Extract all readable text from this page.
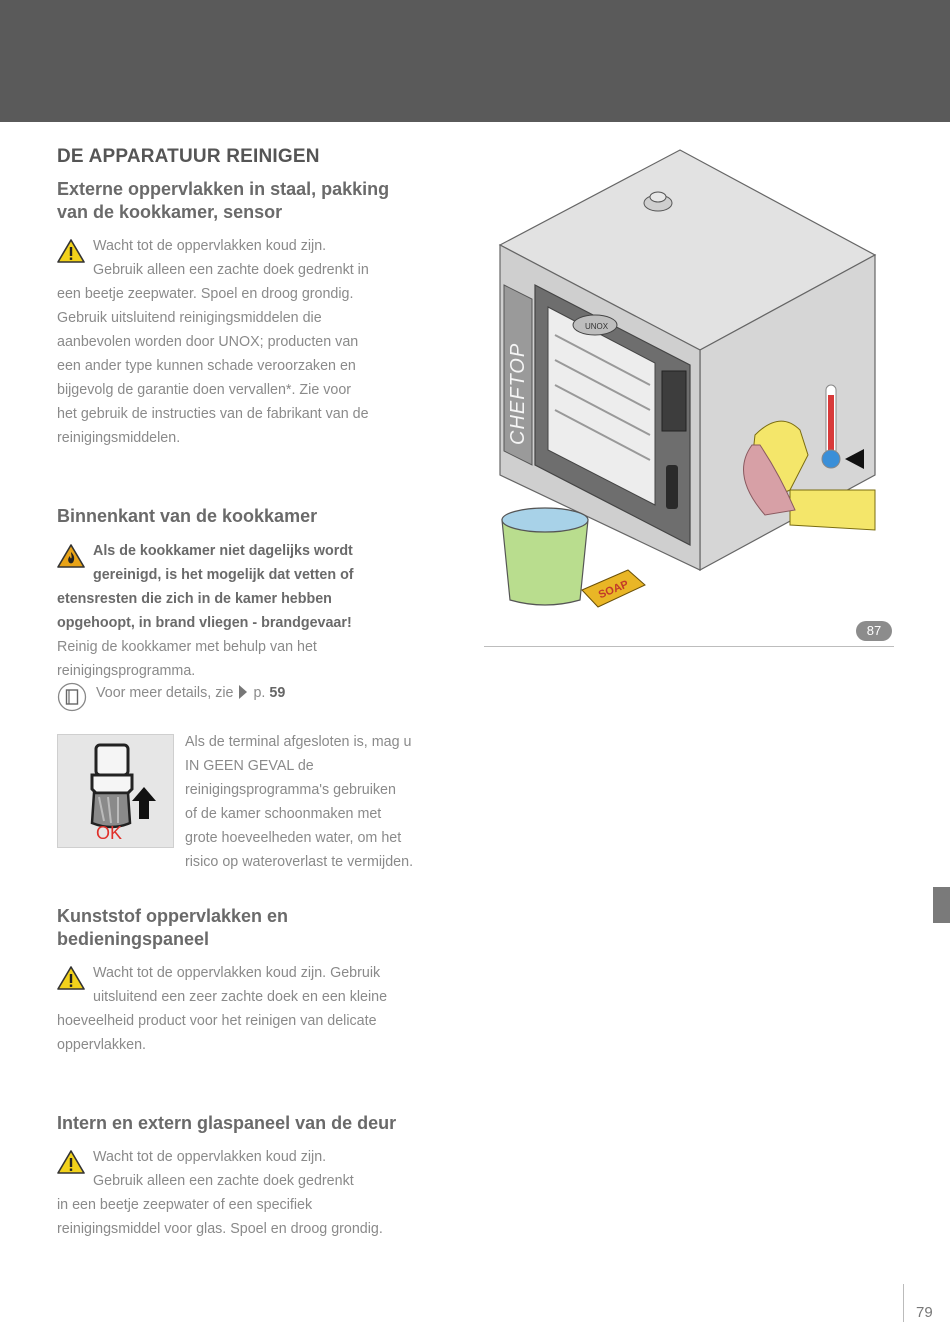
DE APPARATUUR REINIGEN
Externe oppervlakken in staal, pakking
van de kookkamer, sensor

Wacht tot de oppervlakken koud zijn.
Gebruik alleen een zachte doek gedrenkt in
een beetje zeepwater. Spoel en droog grondig.
Gebruik uitsluitend reinigingsmiddelen die
aanbevolen worden door UNOX; producten van
een ander type kunnen schade veroorzaken en
bijgevolg de garantie doen vervallen*. Zie voor
het gebruik de instructies van de fabrikant van de
reinigingsmiddelen.

Binnenkant van de kookkamer

Als de kookkamer niet dagelijks wordt
gereinigd, is het mogelijk dat vetten of
etensresten die zich in de kamer hebben
opgehoopt, in brand vliegen - brandgevaar!
Reinig de kookkamer met behulp van het
reinigingsprogramma.

Voor meer details, zie p. 59
OK

Als de terminal afgesloten is, mag u
IN GEEN GEVAL de
reinigingsprogramma's gebruiken
of de kamer schoonmaken met
grote hoeveelheden water, om het
risico op wateroverlast te vermijden.

Kunststof oppervlakken en
bedieningspaneel

Wacht tot de oppervlakken koud zijn. Gebruik
uitsluitend een zeer zachte doek en een kleine
hoeveelheid product voor het reinigen van delicate
oppervlakken.

Intern en extern glaspaneel van de deur

Wacht tot de oppervlakken koud zijn.
Gebruik alleen een zachte doek gedrenkt
in een beetje zeepwater of een specifiek
reinigingsmiddel voor glas. Spoel en droog grondig.

CHEFTOP
UNOX
SOAP
87
79
